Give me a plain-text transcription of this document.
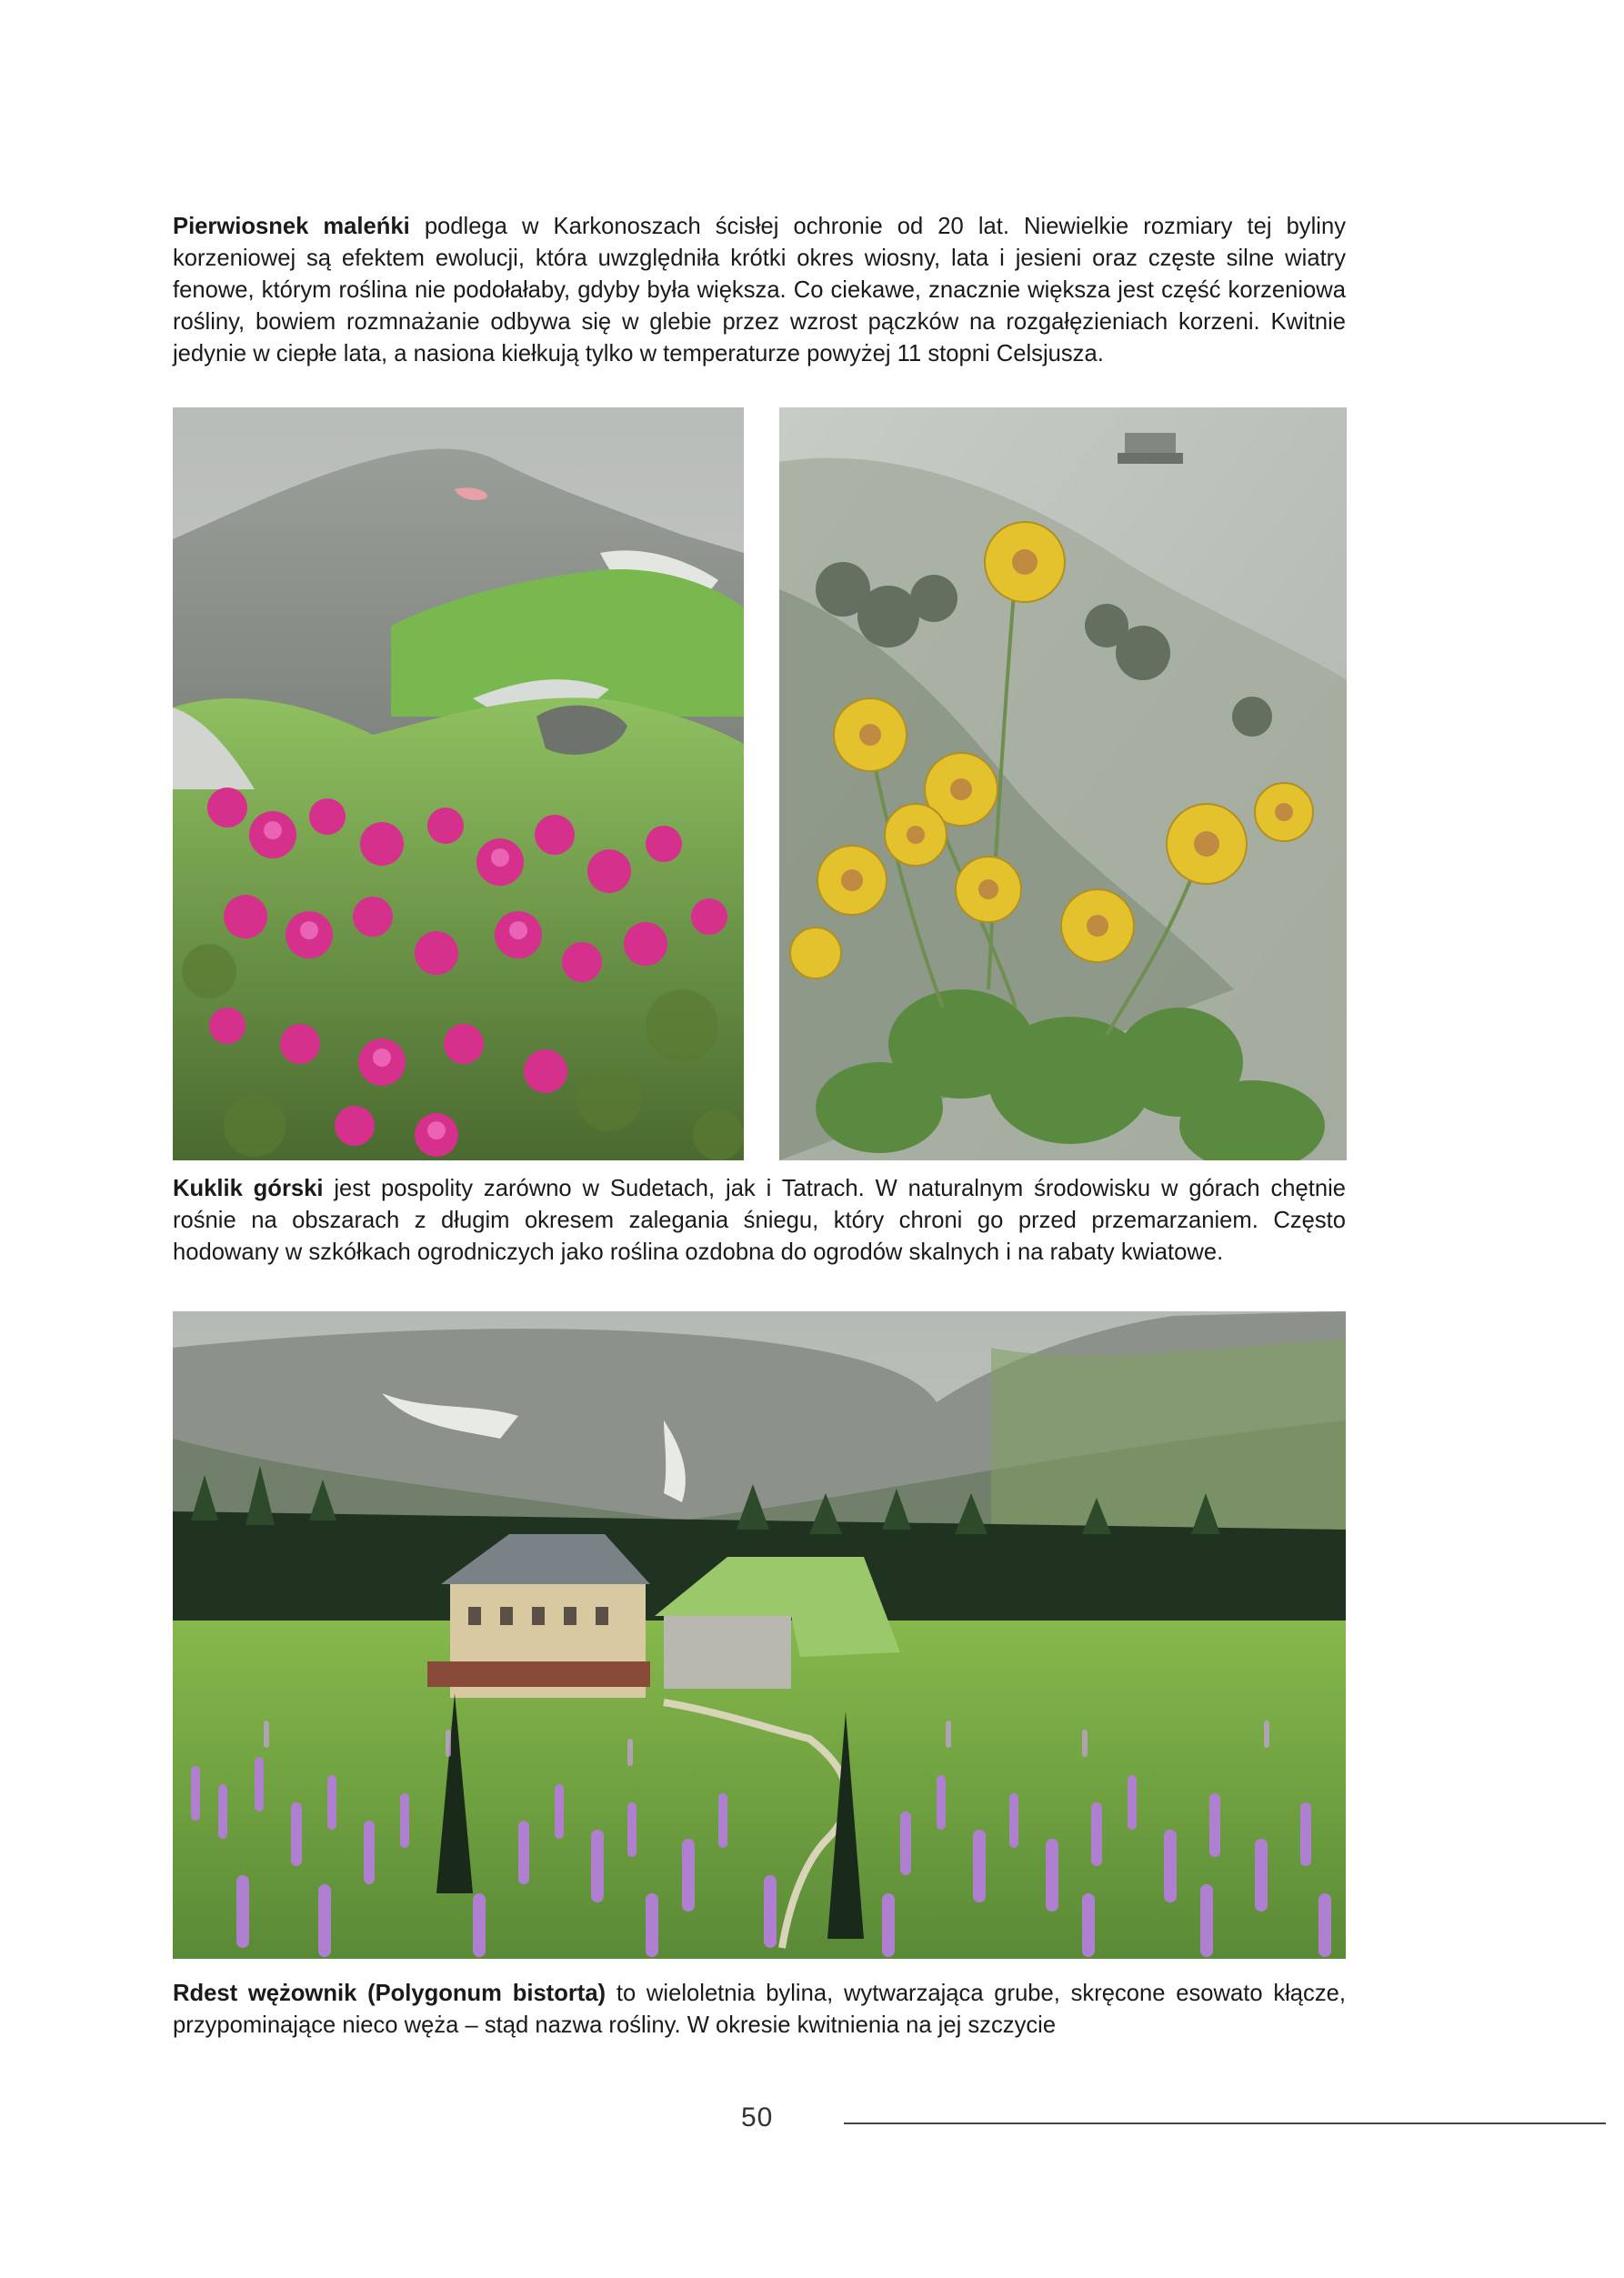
Pierwiosnek maleńki podlega w Karkonoszach ścisłej ochronie od 20 lat. Niewielkie rozmiary tej byliny korzeniowej są efektem ewolucji, która uwzględniła krótki okres wiosny, lata i jesieni oraz częste silne wiatry fenowe, którym roślina nie podołałaby, gdyby była większa. Co ciekawe, znacznie większa jest część korzeniowa rośliny, bowiem rozmnażanie odbywa się w glebie przez wzrost pączków na rozgałęzieniach korzeni. Kwitnie jedynie w ciepłe lata, a nasiona kiełkują tylko w temperaturze powyżej 11 stopni Celsjusza.

Kuklik górski jest pospolity zarówno w Sudetach, jak i Tatrach. W naturalnym środowisku w górach chętnie rośnie na obszarach z długim okresem zalegania śniegu, który chroni go przed przemarzaniem. Często hodowany w szkółkach ogrodniczych jako roślina ozdobna do ogrodów skalnych i na rabaty kwiatowe.

Rdest wężownik (Polygonum bistorta) to wieloletnia bylina, wytwarzająca grube, skręcone esowato kłącze, przypominające nieco węża – stąd nazwa rośliny. W okresie kwitnienia na jej szczycie

50
